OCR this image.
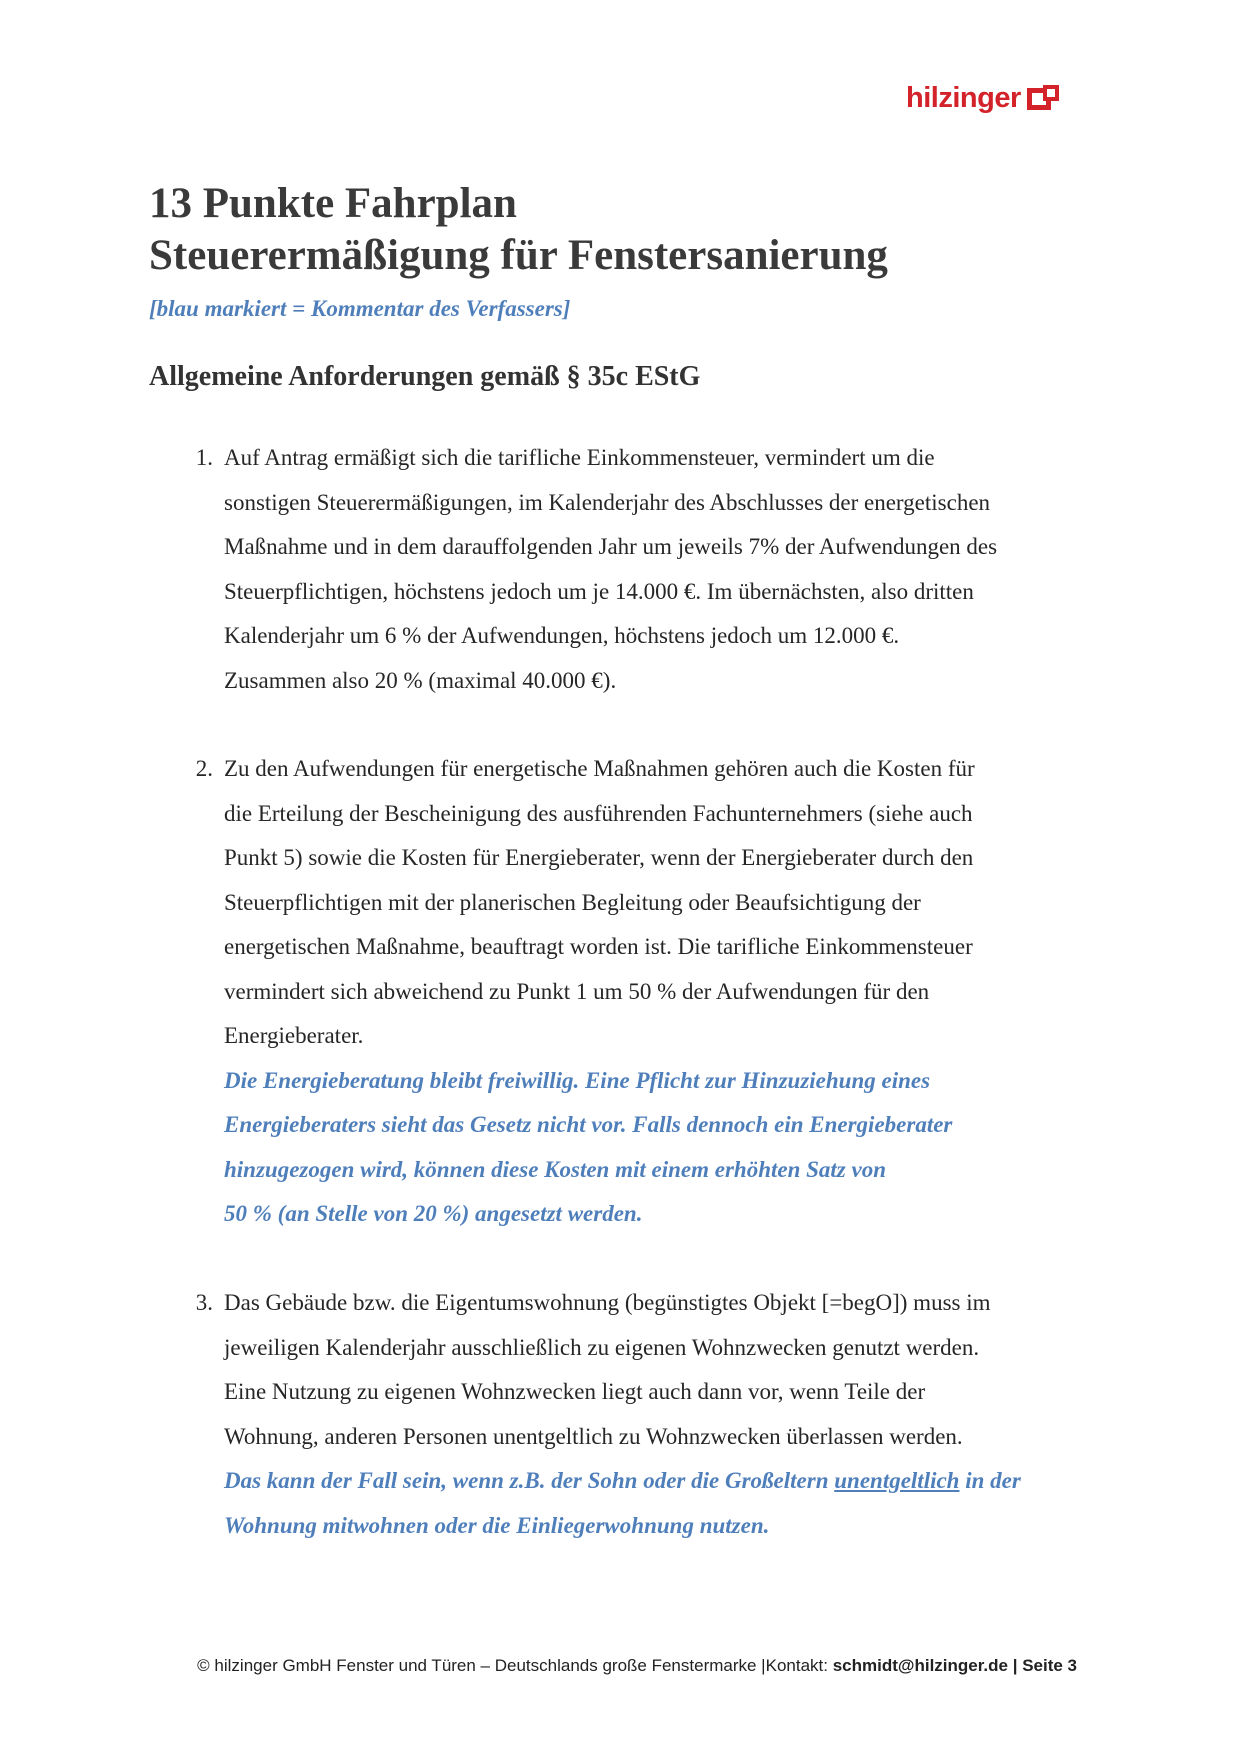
hilzinger
13 Punkte Fahrplan
Steuerermäßigung für Fenstersanierung
[blau markiert = Kommentar des Verfassers]
Allgemeine Anforderungen gemäß § 35c EStG
1. Auf Antrag ermäßigt sich die tarifliche Einkommensteuer, vermindert um die
sonstigen Steuerermäßigungen, im Kalenderjahr des Abschlusses der energetischen
Maßnahme und in dem darauffolgenden Jahr um jeweils 7% der Aufwendungen des
Steuerpflichtigen, höchstens jedoch um je 14.000 €. Im übernächsten, also dritten
Kalenderjahr um 6 % der Aufwendungen, höchstens jedoch um 12.000 €.
Zusammen also 20 % (maximal 40.000 €).
2. Zu den Aufwendungen für energetische Maßnahmen gehören auch die Kosten für
die Erteilung der Bescheinigung des ausführenden Fachunternehmers (siehe auch
Punkt 5) sowie die Kosten für Energieberater, wenn der Energieberater durch den
Steuerpflichtigen mit der planerischen Begleitung oder Beaufsichtigung der
energetischen Maßnahme, beauftragt worden ist. Die tarifliche Einkommensteuer
vermindert sich abweichend zu Punkt 1 um 50 % der Aufwendungen für den
Energieberater.
Die Energieberatung bleibt freiwillig. Eine Pflicht zur Hinzuziehung eines
Energieberaters sieht das Gesetz nicht vor. Falls dennoch ein Energieberater
hinzugezogen wird, können diese Kosten mit einem erhöhten Satz von
50 % (an Stelle von 20 %) angesetzt werden.
3. Das Gebäude bzw. die Eigentumswohnung (begünstigtes Objekt [=begO]) muss im
jeweiligen Kalenderjahr ausschließlich zu eigenen Wohnzwecken genutzt werden.
Eine Nutzung zu eigenen Wohnzwecken liegt auch dann vor, wenn Teile der
Wohnung, anderen Personen unentgeltlich zu Wohnzwecken überlassen werden.
Das kann der Fall sein, wenn z.B. der Sohn oder die Großeltern unentgeltlich in der
Wohnung mitwohnen oder die Einliegerwohnung nutzen.
© hilzinger GmbH Fenster und Türen – Deutschlands große Fenstermarke |Kontakt: schmidt@hilzinger.de | Seite 3
